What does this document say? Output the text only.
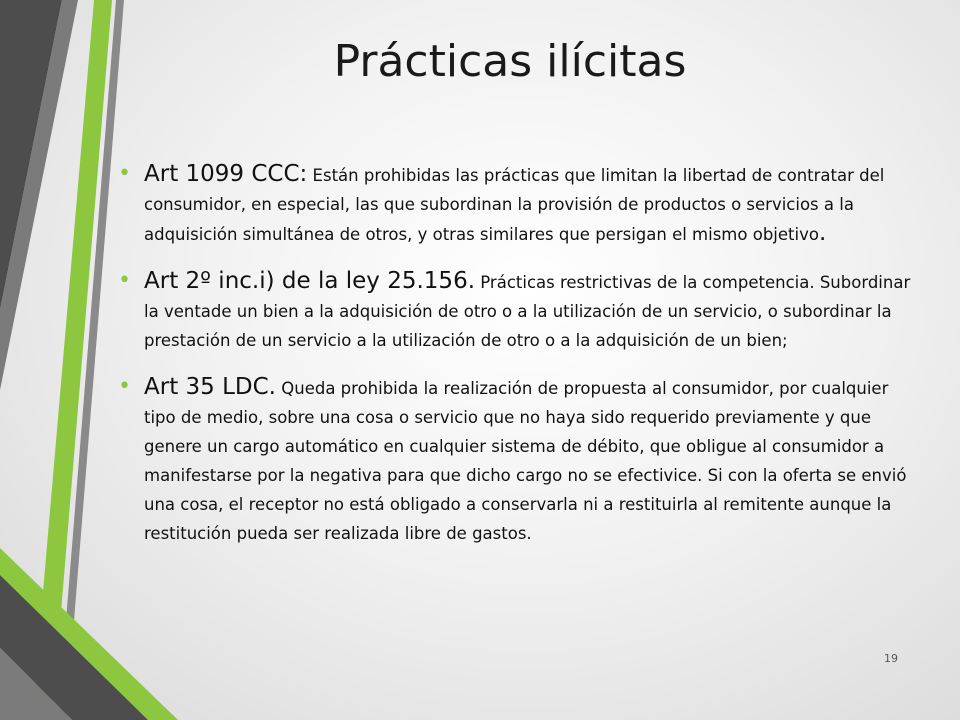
Prácticas ilícitas
• Art 1099 CCC: Están prohibidas las prácticas que limitan la libertad de contratar del consumidor, en especial, las que subordinan la provisión de productos o servicios a la adquisición simultánea de otros, y otras similares que persigan el mismo objetivo.
• Art 2º inc.i) de la ley 25.156. Prácticas restrictivas de la competencia. Subordinar la ventade un bien a la adquisición de otro o a la utilización de un servicio, o subordinar la prestación de un servicio a la utilización de otro o a la adquisición de un bien;
• Art 35 LDC. Queda prohibida la realización de propuesta al consumidor, por cualquier tipo de medio, sobre una cosa o servicio que no haya sido requerido previamente y que genere un cargo automático en cualquier sistema de débito, que obligue al consumidor a manifestarse por la negativa para que dicho cargo no se efectivice. Si con la oferta se envió una cosa, el receptor no está obligado a conservarla ni a restituirla al remitente aunque la restitución pueda ser realizada libre de gastos.
19
